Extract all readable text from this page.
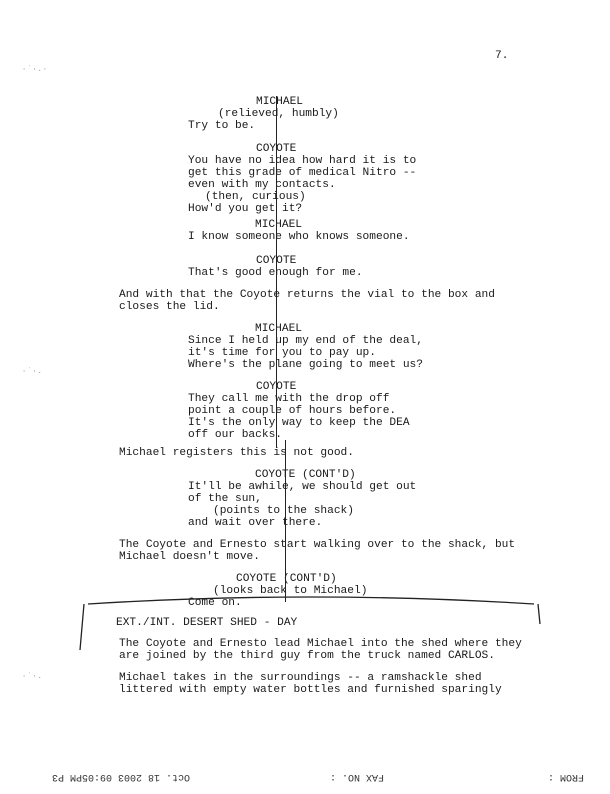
7.
MICHAEL
(relieved, humbly)
Try to be.
COYOTE
You have no idea how hard it is to
get this grade of medical Nitro --
even with my contacts.
(then, curious)
How'd you get it?
MICHAEL
I know someone who knows someone.
COYOTE
That's good enough for me.
And with that the Coyote returns the vial to the box and
closes the lid.
MICHAEL
Since I held up my end of the deal,
it's time for you to pay up.
Where's the plane going to meet us?
COYOTE
They call me with the drop off
point a couple of hours before.
It's the only way to keep the DEA
off our backs.
Michael registers this is not good.
COYOTE (CONT'D)
It'll be awhile, we should get out
of the sun,
(points to the shack)
and wait over there.
The Coyote and Ernesto start walking over to the shack, but
Michael doesn't move.
COYOTE (CONT'D)
(looks back to Michael)
Come on.
EXT./INT. DESERT SHED - DAY
The Coyote and Ernesto lead Michael into the shed where they
are joined by the third guy from the truck named CARLOS.
Michael takes in the surroundings -- a ramshackle shed
littered with empty water bottles and furnished sparingly
·˙·.·
·˙·.
·˙·.
Oct. 18 2003 09:05PM P3	FAX NO. :	FROM :
